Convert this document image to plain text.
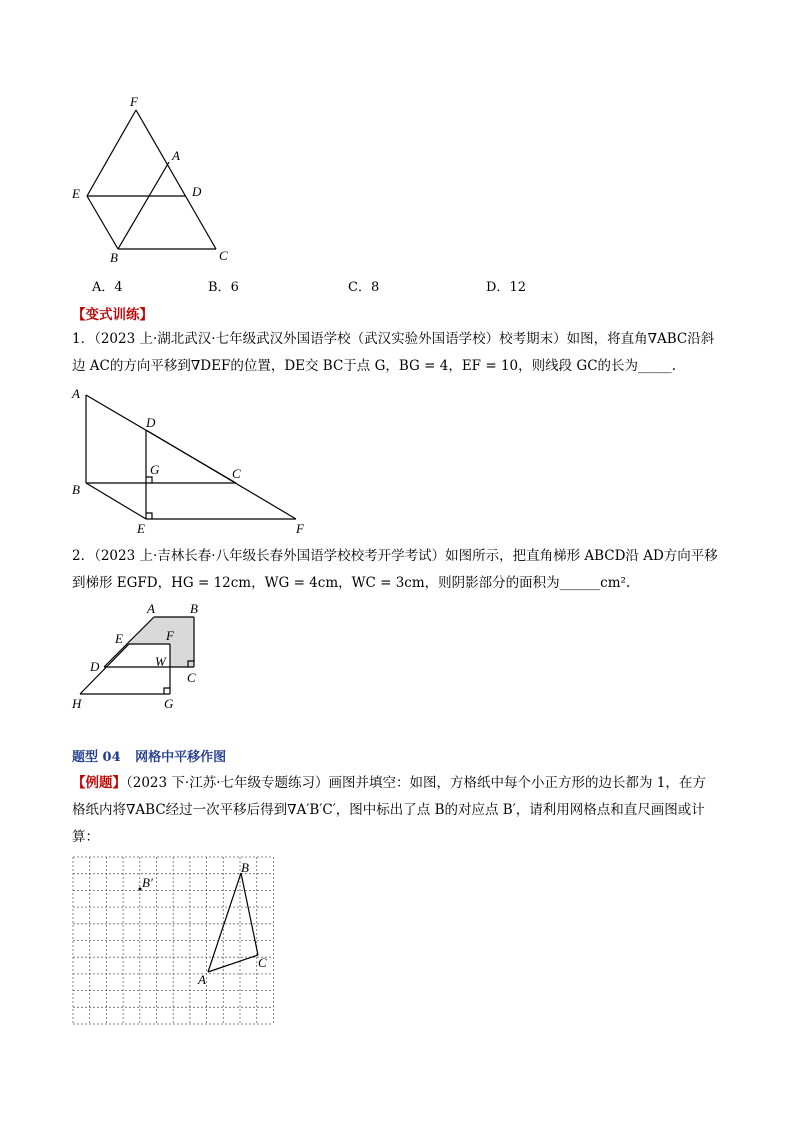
F
A
E	D
B	C
A．4	B．6	C．8	D．12
【变式训练】
1．（2023 上·湖北武汉·七年级武汉外国语学校（武汉实验外国语学校）校考期末）如图，将直角∇ABC沿斜
边 AC的方向平移到∇DEF的位置，DE交 BC于点 G，BG = 4，EF = 10，则线段 GC的长为_____.
A
D
G	C
B
E	F
2．（2023 上·吉林长春·八年级长春外国语学校校考开学考试）如图所示，把直角梯形 ABCD沿 AD方向平移
到梯形 EGFD，HG = 12cm，WG = 4cm，WC = 3cm，则阴影部分的面积为______cm².
A	B
E	F
D	W
C
H	G
题型 04 网格中平移作图
【例题】（2023 下·江苏·七年级专题练习）画图并填空：如图，方格纸中每个小正方形的边长都为 1，在方
格纸内将∇ABC经过一次平移后得到∇A′B′C′，图中标出了点 B的对应点 B′，请利用网格点和直尺画图或计
算：
B′
B
C
A
